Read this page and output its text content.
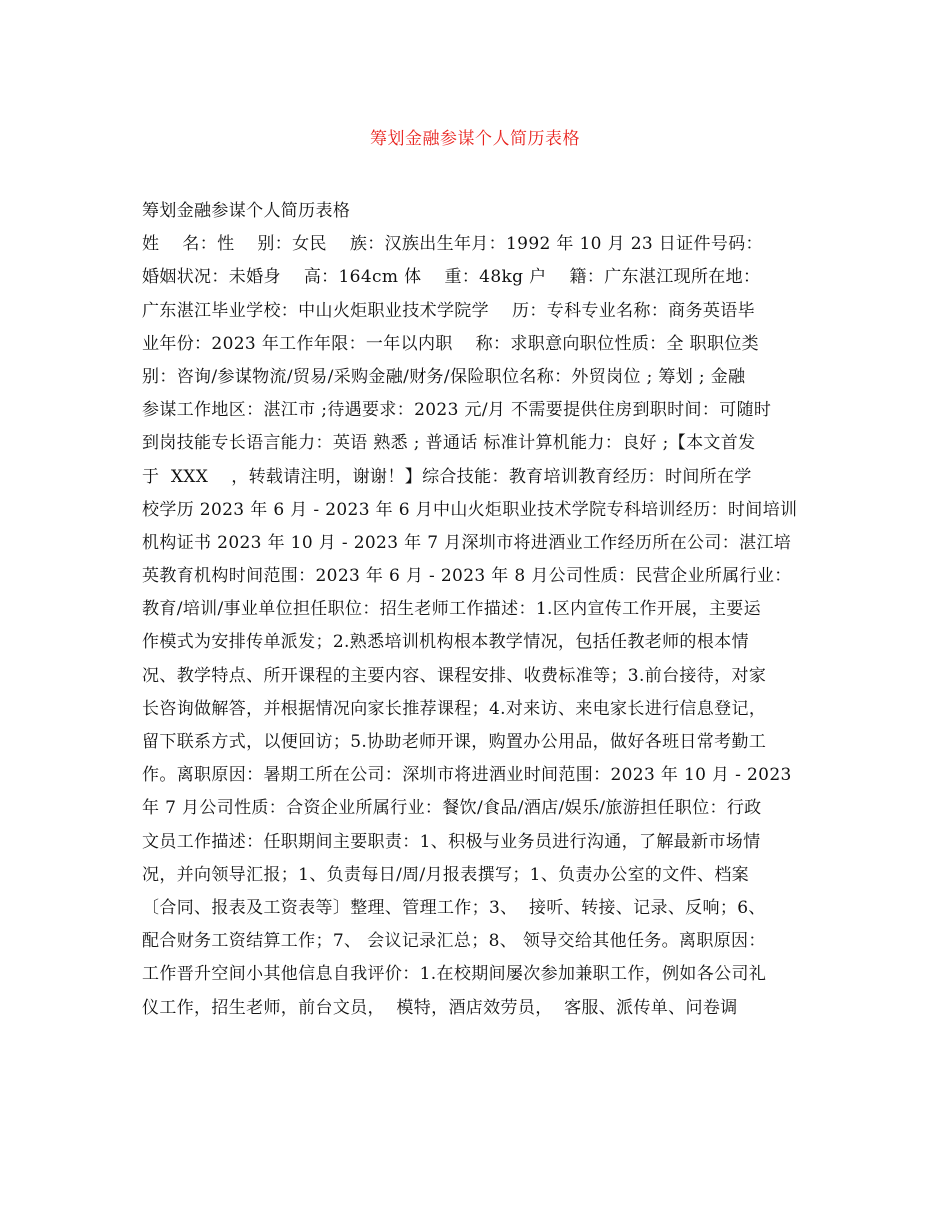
筹划金融参谋个人简历表格
筹划金融参谋个人简历表格
姓    名：性    别：女民    族：汉族出生年月：1992 年 10 月 23 日证件号码：
婚姻状况：未婚身    高：164cm 体    重：48kg 户    籍：广东湛江现所在地：
广东湛江毕业学校：中山火炬职业技术学院学    历：专科专业名称：商务英语毕
业年份：2023 年工作年限：一年以内职    称：求职意向职位性质：全 职职位类
别：咨询/参谋物流/贸易/采购金融/财务/保险职位名称：外贸岗位 ; 筹划 ; 金融
参谋工作地区：湛江市 ;待遇要求：2023 元/月 不需要提供住房到职时间：可随时
到岗技能专长语言能力：英语 熟悉 ; 普通话 标准计算机能力：良好 ;【本文首发
于  XXX    ，转载请注明，谢谢！】综合技能：教育培训教育经历：时间所在学
校学历 2023 年 6 月 - 2023 年 6 月中山火炬职业技术学院专科培训经历：时间培训
机构证书 2023 年 10 月 - 2023 年 7 月深圳市将进酒业工作经历所在公司：湛江培
英教育机构时间范围：2023 年 6 月 - 2023 年 8 月公司性质：民营企业所属行业：
教育/培训/事业单位担任职位：招生老师工作描述：1.区内宣传工作开展，主要运
作模式为安排传单派发；2.熟悉培训机构根本教学情况，包括任教老师的根本情
况、教学特点、所开课程的主要内容、课程安排、收费标准等；3.前台接待，对家
长咨询做解答，并根据情况向家长推荐课程；4.对来访、来电家长进行信息登记，
留下联系方式，以便回访；5.协助老师开课，购置办公用品，做好各班日常考勤工
作。离职原因：暑期工所在公司：深圳市将进酒业时间范围：2023 年 10 月 - 2023
年 7 月公司性质：合资企业所属行业：餐饮/食品/酒店/娱乐/旅游担任职位：行政
文员工作描述：任职期间主要职责：1、积极与业务员进行沟通，了解最新市场情
况，并向领导汇报；1、负责每日/周/月报表撰写；1、负责办公室的文件、档案
〔合同、报表及工资表等〕整理、管理工作；3、  接听、转接、记录、反响；6、
配合财务工资结算工作；7、 会议记录汇总；8、 领导交给其他任务。离职原因：
工作晋升空间小其他信息自我评价：1.在校期间屡次参加兼职工作，例如各公司礼
仪工作，招生老师，前台文员，  模特，酒店效劳员，  客服、派传单、问卷调
